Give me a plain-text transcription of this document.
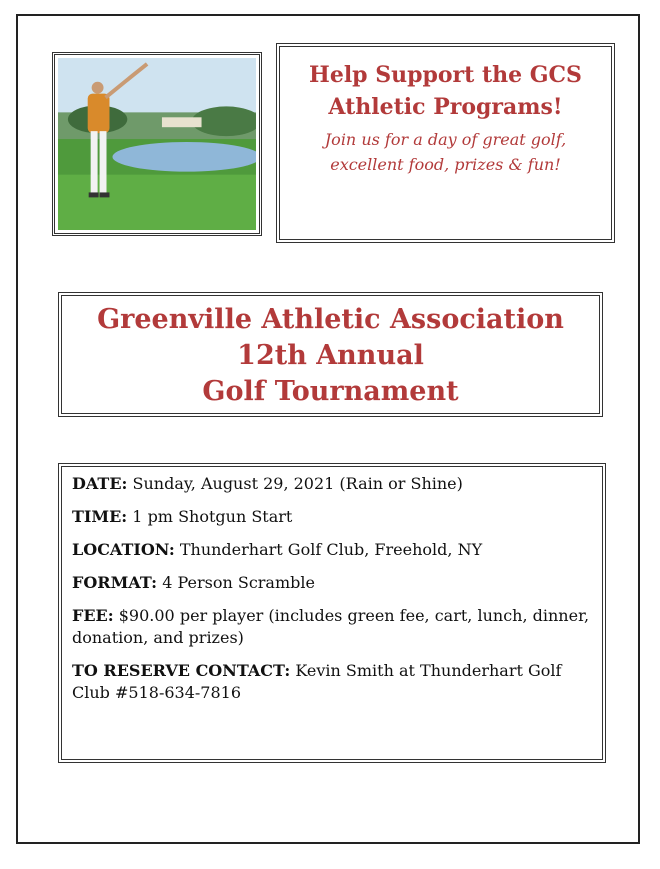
Help Support the GCS
Athletic Programs!
Join us for a day of great golf,
excellent food, prizes & fun!
Greenville Athletic Association
12th Annual
Golf Tournament

DATE: Sunday, August 29, 2021 (Rain or Shine)

TIME: 1 pm Shotgun Start

LOCATION: Thunderhart Golf Club, Freehold, NY

FORMAT: 4 Person Scramble

FEE: $90.00 per player (includes green fee, cart, lunch, dinner, donation, and prizes)

TO RESERVE CONTACT: Kevin Smith at Thunderhart Golf Club #518-634-7816
